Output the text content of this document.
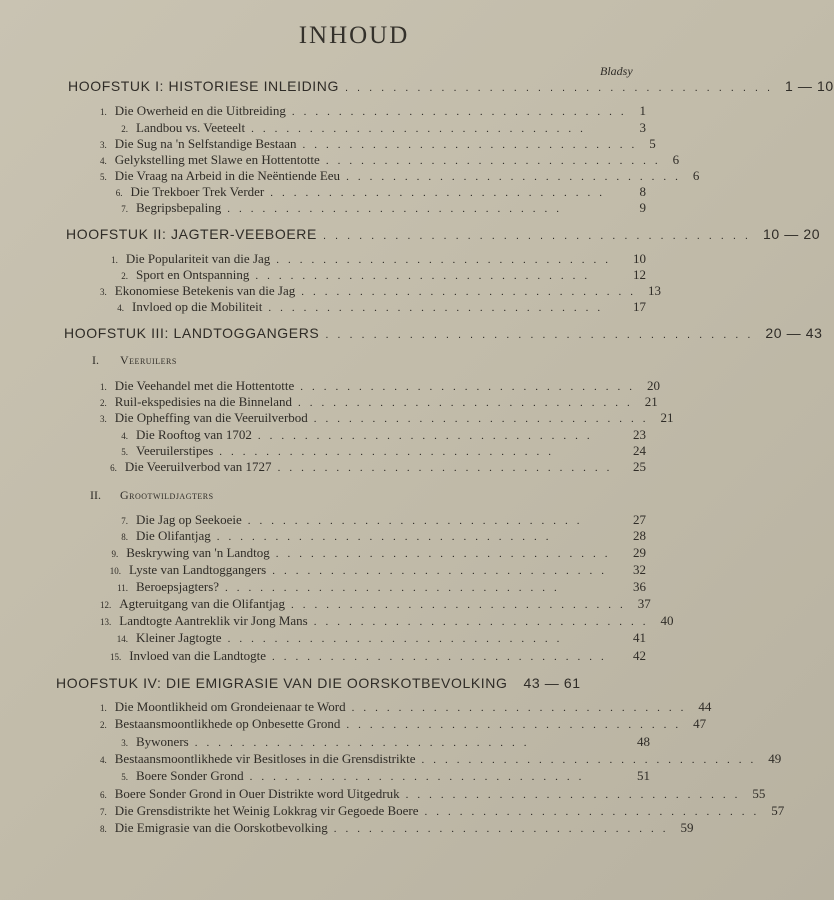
INHOUD
Bladsy
HOOFSTUK I: HISTORIESE INLEIDING .................................... 1 — 10
1. Die Owerheid en die Uitbreiding ............................. 1
2. Landbou vs. Veeteelt .............................	3
3. Die Sug na 'n Selfstandige Bestaan ............................. 5
4. Gelykstelling met Slawe en Hottentotte ............................. 6
5. Die Vraag na Arbeid in die Neëntiende Eeu ............................. 6
6. Die Trekboer Trek Verder .............................	8
7. Begripsbepaling .............................	9
HOOFSTUK II: JAGTER-VEEBOERE .................................... 10 — 20
1. Die Populariteit van die Jag .............................	10
2. Sport en Ontspanning .............................	12
3. Ekonomiese Betekenis van die Jag ............................. 13
4. Invloed op die Mobiliteit .............................	17
HOOFSTUK III: LANDTOGGANGERS .................................... 20 — 43
I.	Veeruilers
1. Die Veehandel met die Hottentotte ............................. 20
2. Ruil-ekspedisies na die Binneland ............................. 21
3. Die Opheffing van die Veeruilverbod ............................. 21
4. Die Rooftog van 1702 .............................	23
5. Veeruilerstipes .............................	24
6. Die Veeruilverbod van 1727 .............................	25
II.	Grootwildjagters
7. Die Jag op Seekoeie .............................	27
8. Die Olifantjag .............................	28
9. Beskrywing van 'n Landtog .............................	29
10. Lyste van Landtoggangers .............................	32
11. Beroepsjagters? .............................	36
12. Agteruitgang van die Olifantjag ............................. 37
13. Landtogte Aantreklik vir Jong Mans ............................. 40
14. Kleiner Jagtogte .............................	41
15. Invloed van die Landtogte .............................	42
HOOFSTUK IV: DIE EMIGRASIE VAN DIE OORSKOTBEVOLKING 43 — 61
1. Die Moontlikheid om Grondeienaar te Word ............................. 44
2. Bestaansmoontlikhede op Onbesette Grond ............................. 47
3. Bywoners .............................	48
4. Bestaansmoontlikhede vir Besitloses in die Grensdistrikte ............................. 49
5. Boere Sonder Grond .............................	51
6. Boere Sonder Grond in Ouer Distrikte word Uitgedruk ............................. 55
7. Die Grensdistrikte het Weinig Lokkrag vir Gegoede Boere ............................. 57
8. Die Emigrasie van die Oorskotbevolking ............................. 59
